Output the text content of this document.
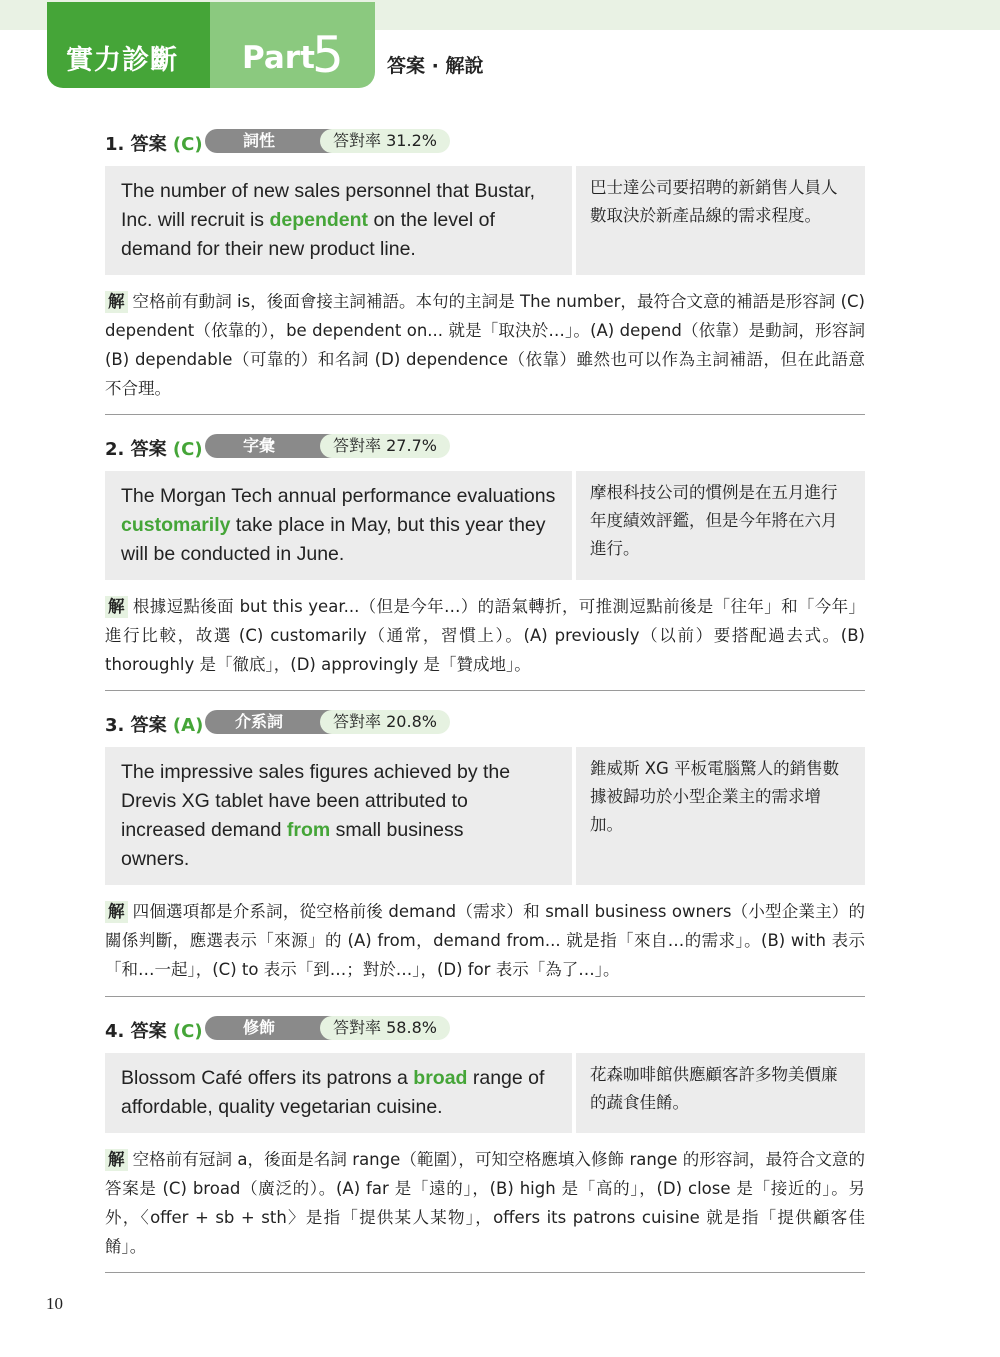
實力診斷 Part
5 答案 · 解說
1. 答案 (C)	詞性	答對率 31.2%
The number of new sales personnel that Bustar, Inc. will recruit is dependent on the level of demand for their new product line.
巴士達公司要招聘的新銷售人員人數取決於新產品線的需求程度。
解 空格前有動詞 is，後面會接主詞補語。本句的主詞是 The number，最符合文意的補語是形容詞 (C) dependent（依靠的），be dependent on... 就是「取決於…」。(A) depend（依靠）是動詞，形容詞 (B) dependable（可靠的）和名詞 (D) dependence（依靠）雖然也可以作為主詞補語，但在此語意不合理。
2. 答案 (C)	字彙	答對率 27.7%
The Morgan Tech annual performance evaluations customarily take place in May, but this year they will be conducted in June.
摩根科技公司的慣例是在五月進行年度績效評鑑，但是今年將在六月進行。
解 根據逗點後面 but this year...（但是今年…）的語氣轉折，可推測逗點前後是「往年」和「今年」進行比較，故選 (C) customarily（通常，習慣上）。(A) previously（以前）要搭配過去式。(B) thoroughly 是「徹底」，(D) approvingly 是「贊成地」。
3. 答案 (A)	介系詞	答對率 20.8%
The impressive sales figures achieved by the Drevis XG tablet have been attributed to increased demand from small business owners.
錐威斯 XG 平板電腦驚人的銷售數據被歸功於小型企業主的需求增加。
解 四個選項都是介系詞，從空格前後 demand（需求）和 small business owners（小型企業主）的關係判斷，應選表示「來源」的 (A) from，demand from... 就是指「來自…的需求」。(B) with 表示「和…一起」，(C) to 表示「到…；對於…」，(D) for 表示「為了…」。
4. 答案 (C)	修飾	答對率 58.8%
Blossom Café offers its patrons a broad range of affordable, quality vegetarian cuisine.
花森咖啡館供應顧客許多物美價廉的蔬食佳餚。
解 空格前有冠詞 a，後面是名詞 range（範圍），可知空格應填入修飾 range 的形容詞，最符合文意的答案是 (C) broad（廣泛的）。(A) far 是「遠的」，(B) high 是「高的」，(D) close 是「接近的」。另外，〈offer + sb + sth〉是指「提供某人某物」，offers its patrons cuisine 就是指「提供顧客佳餚」。
10
